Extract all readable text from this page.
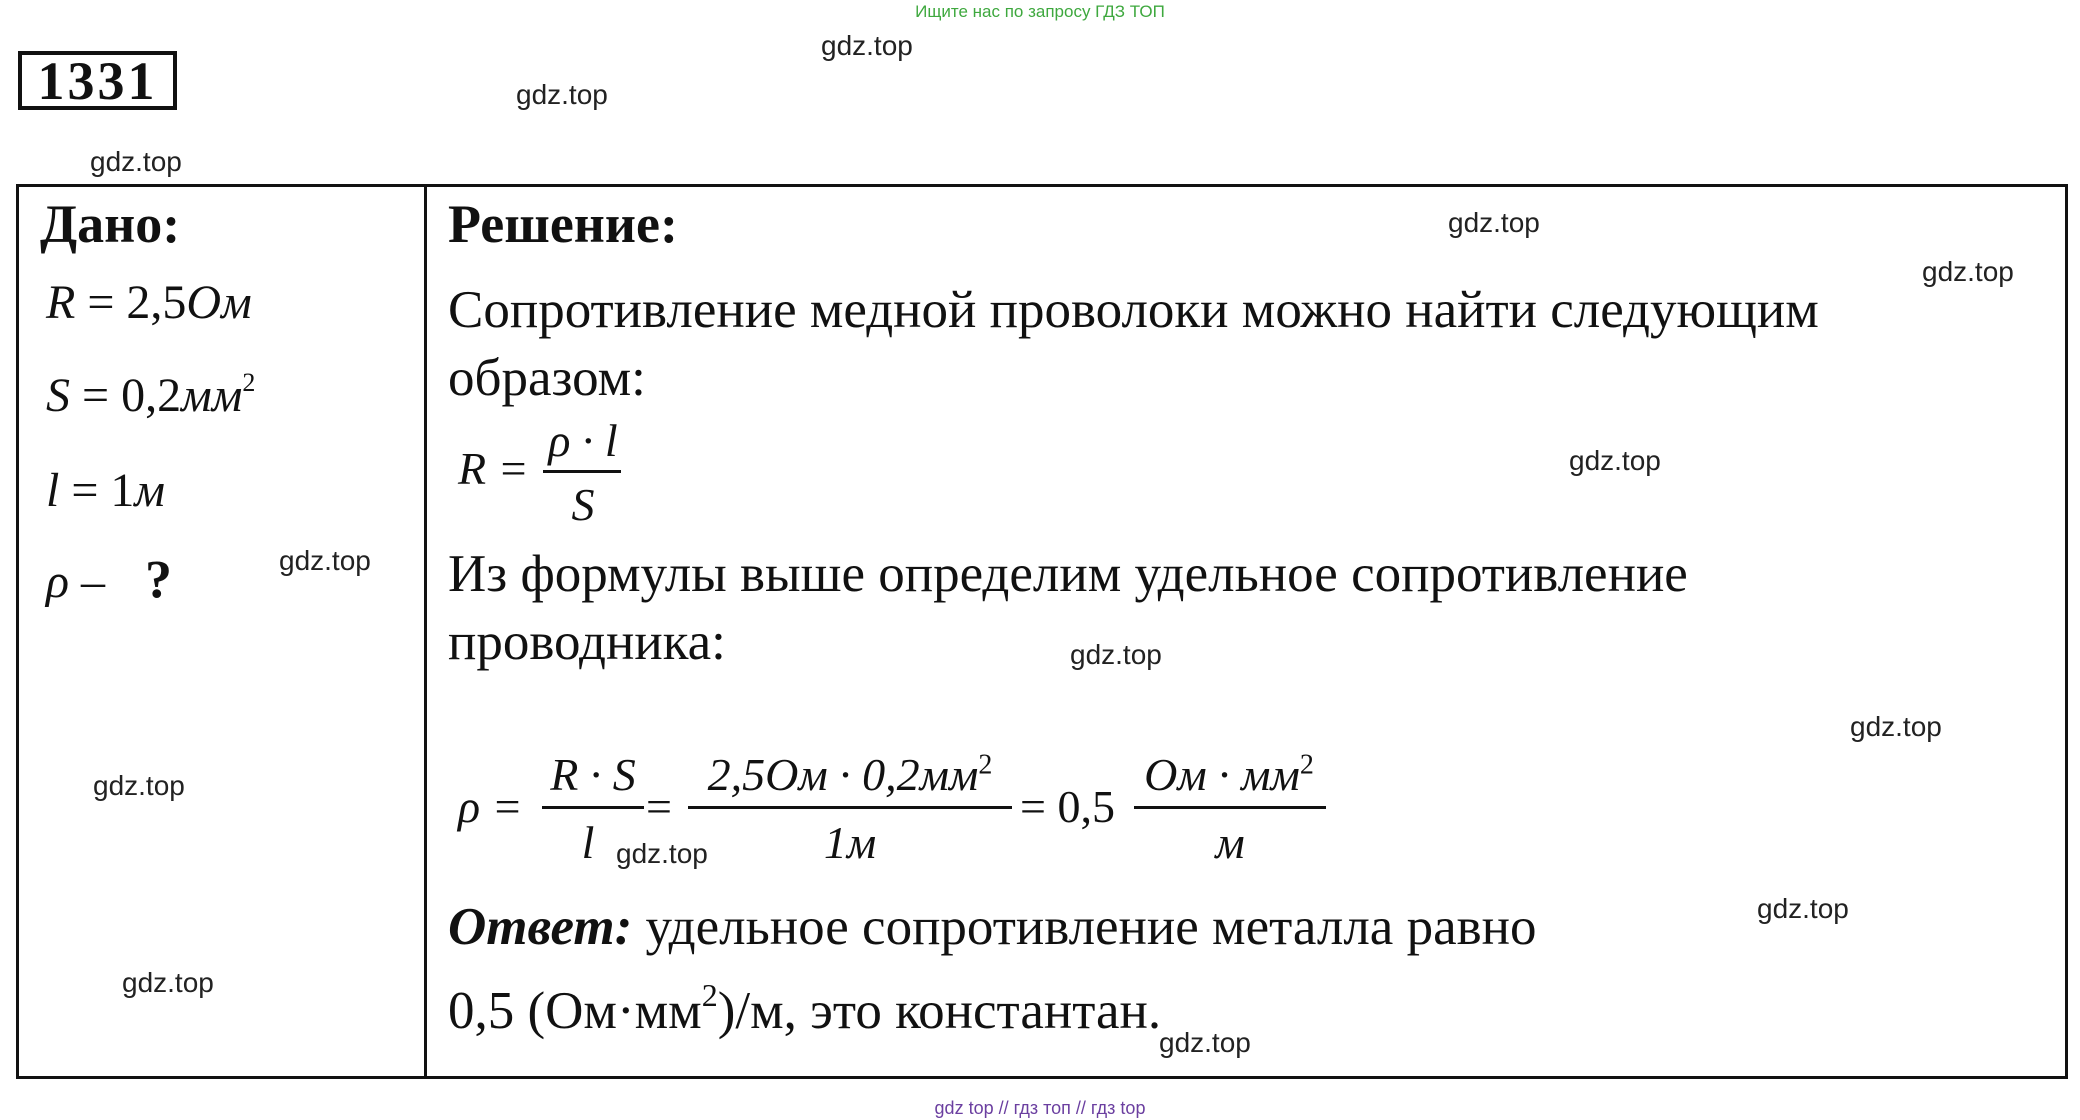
Ищите нас по запросу ГДЗ ТОП
1331
Дано:
R = 2,5Ом
$S = 0,2мм^2$
l = 1м
ρ – ?
Решение:
Сопротивление медной проволоки можно найти следующим
образом:
R =
ρ · l
S
Из формулы выше определим удельное сопротивление
проводника:
ρ =
R · S
l
=
$2,5Ом \cdot 0,2мм^2$
1м
= 0,5
Ом · $мм^2$
м
Ответ: удельное сопротивление металла равно
0,5 $(Ом\cdot мм^2)/м$, это константан.
gdz.top
gdz.top
gdz.top
gdz.top
gdz.top
gdz.top
gdz.top
gdz.top
gdz.top
gdz.top
gdz.top
gdz.top
gdz.top
gdz.top
gdz top // гдз топ // гдз top
